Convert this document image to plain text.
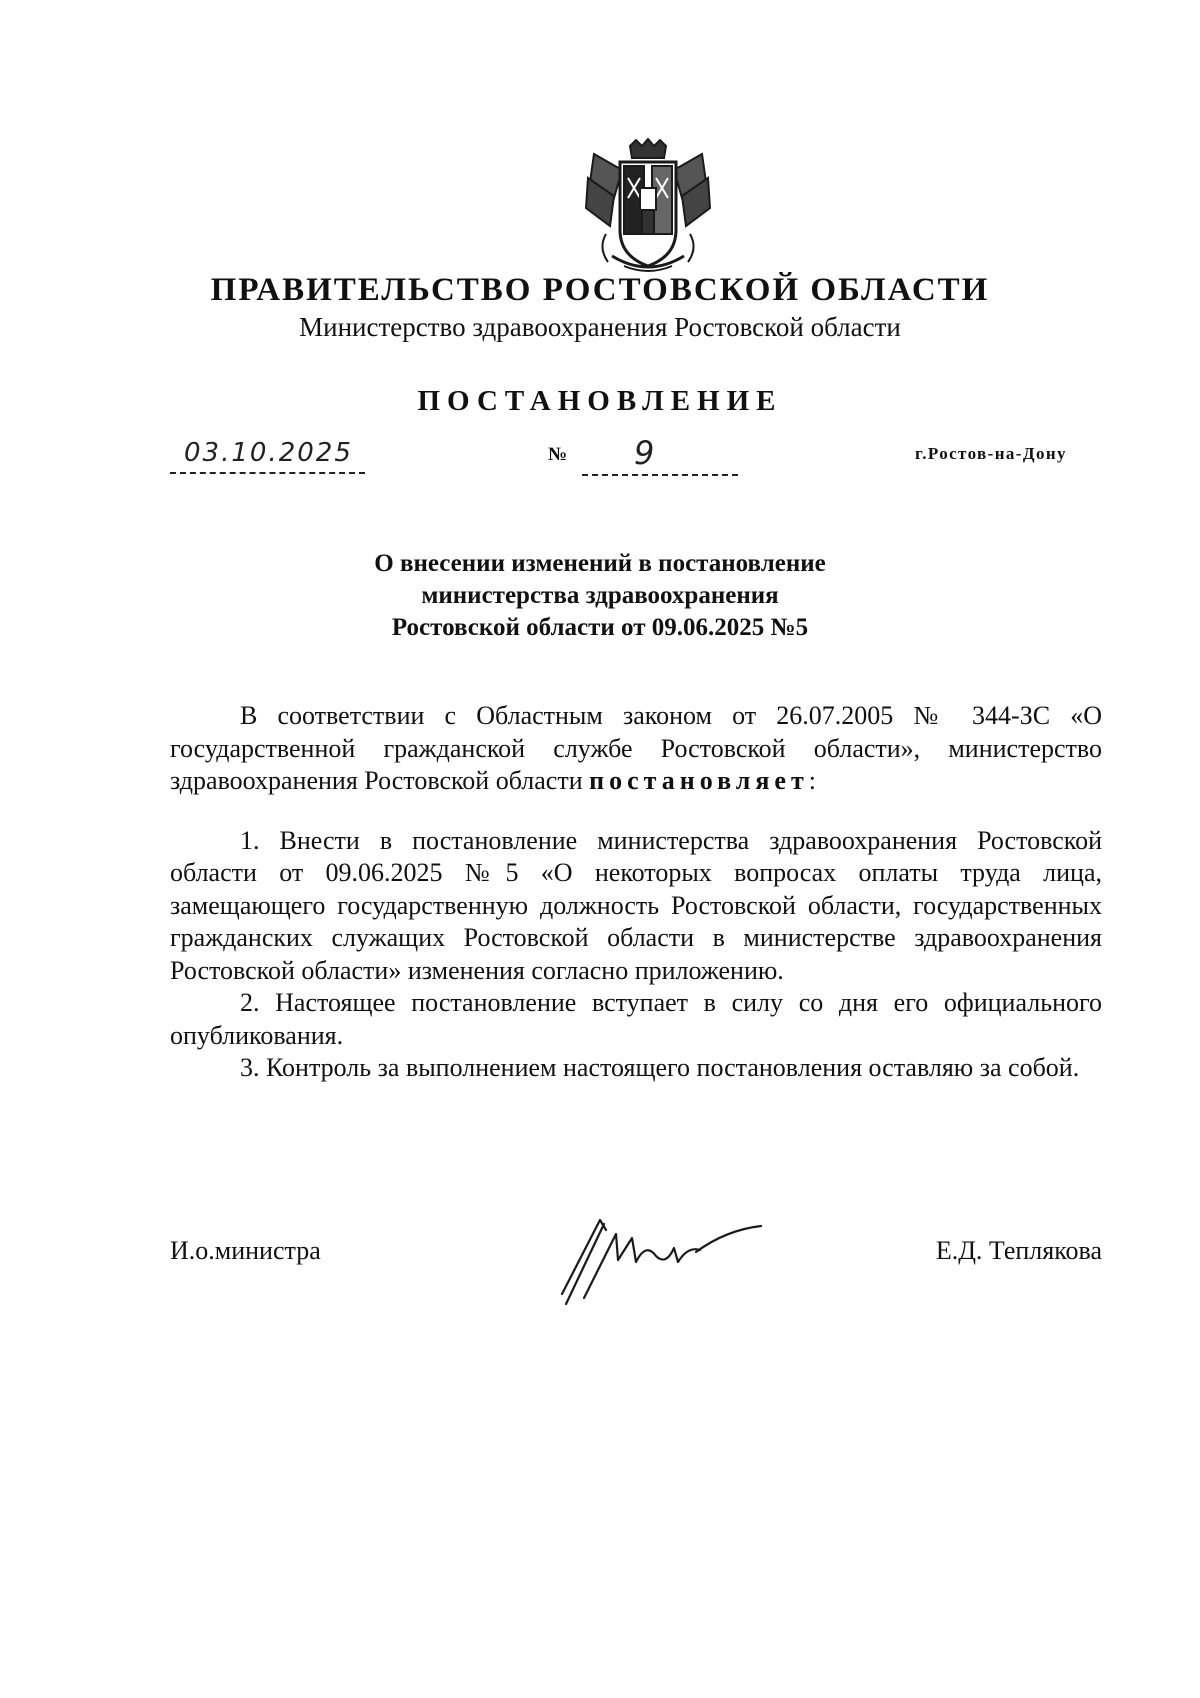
ПРАВИТЕЛЬСТВО РОСТОВСКОЙ ОБЛАСТИ
Министерство здравоохранения Ростовской области
ПОСТАНОВЛЕНИЕ
03.10.2025	№ 9	г.Ростов-на-Дону
О внесении изменений в постановление
министерства здравоохранения
Ростовской области от 09.06.2025 №5

В соответствии с Областным законом от 26.07.2005 № 344-ЗС «О государственной гражданской службе Ростовской области», министерство здравоохранения Ростовской области постановляет:

1. Внести в постановление министерства здравоохранения Ростовской области от 09.06.2025 №5 «О некоторых вопросах оплаты труда лица, замещающего государственную должность Ростовской области, государственных гражданских служащих Ростовской области в министерстве здравоохранения Ростовской области» изменения согласно приложению.

2. Настоящее постановление вступает в силу со дня его официального опубликования.

3. Контроль за выполнением настоящего постановления оставляю за собой.

И.о.министра	Е.Д. Теплякова
